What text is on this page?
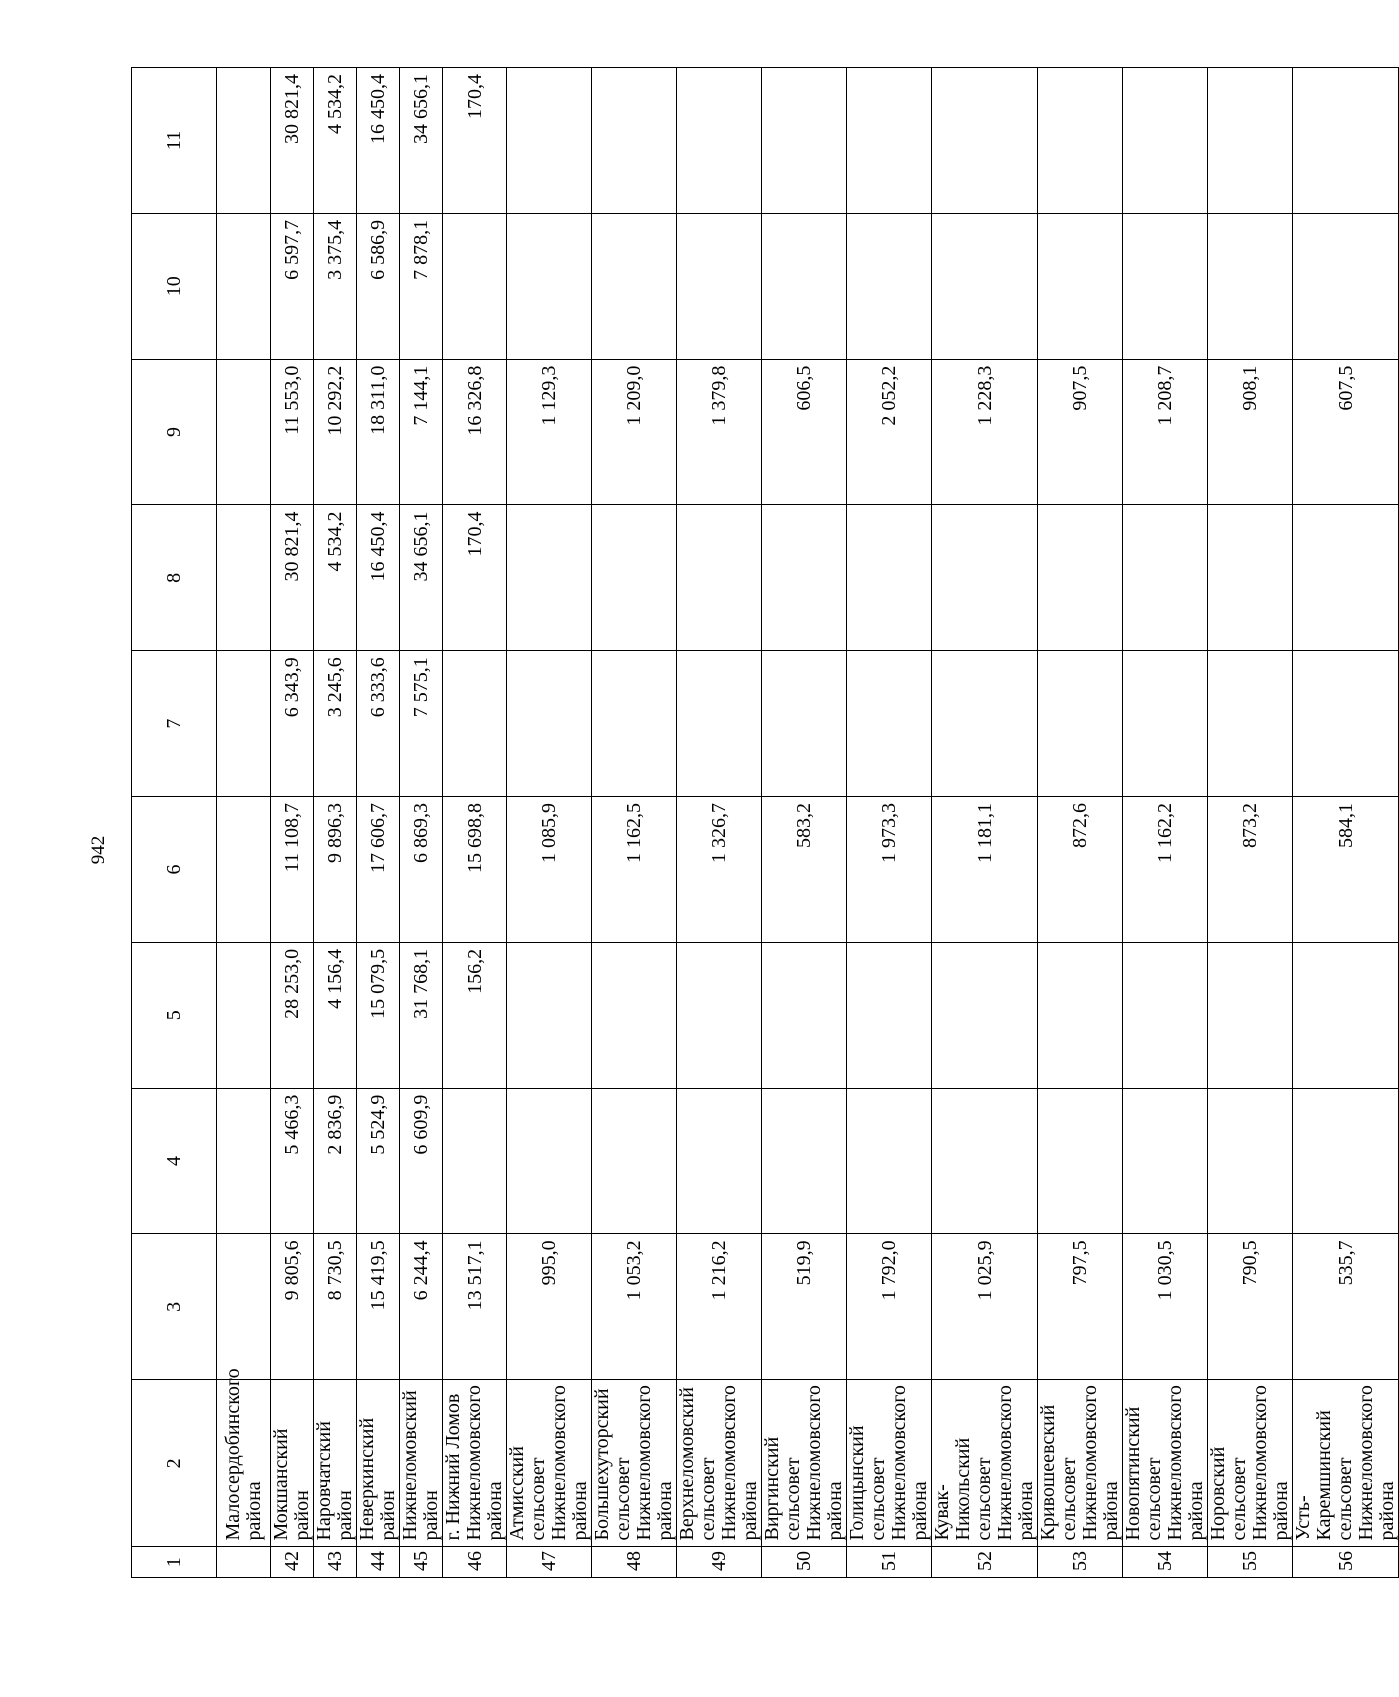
942
1	2	3	4	5	6	7	8	9	10	11
	Малосердобинского района									
42	Мокшанский район	9 805,6	5 466,3	28 253,0	11 108,7	6 343,9	30 821,4	11 553,0	6 597,7	30 821,4
43	Наровчатский район	8 730,5	2 836,9	4 156,4	9 896,3	3 245,6	4 534,2	10 292,2	3 375,4	4 534,2
44	Неверкинский район	15 419,5	5 524,9	15 079,5	17 606,7	6 333,6	16 450,4	18 311,0	6 586,9	16 450,4
45	Нижнеломовский район	6 244,4	6 609,9	31 768,1	6 869,3	7 575,1	34 656,1	7 144,1	7 878,1	34 656,1
46	г. Нижний Ломов Нижнеломовского района	13 517,1		156,2	15 698,8		170,4	16 326,8		170,4
47	Атмисский сельсовет Нижнеломовского района	995,0			1 085,9			1 129,3		
48	Большехуторский сельсовет Нижнеломовского района	1 053,2			1 162,5			1 209,0		
49	Верхнеломовский сельсовет Нижнеломовского района	1 216,2			1 326,7			1 379,8		
50	Виргинский сельсовет Нижнеломовского района	519,9			583,2			606,5		
51	Голицынский сельсовет Нижнеломовского района	1 792,0			1 973,3			2 052,2		
52	Кувак-Никольский сельсовет Нижнеломовского района	1 025,9			1 181,1			1 228,3		
53	Кривошеевский сельсовет Нижнеломовского района	797,5			872,6			907,5		
54	Новопятинский сельсовет Нижнеломовского района	1 030,5			1 162,2			1 208,7		
55	Норовский сельсовет Нижнеломовского района	790,5			873,2			908,1		
56	Усть-Каремшинский сельсовет Нижнеломовского района	535,7			584,1			607,5		
